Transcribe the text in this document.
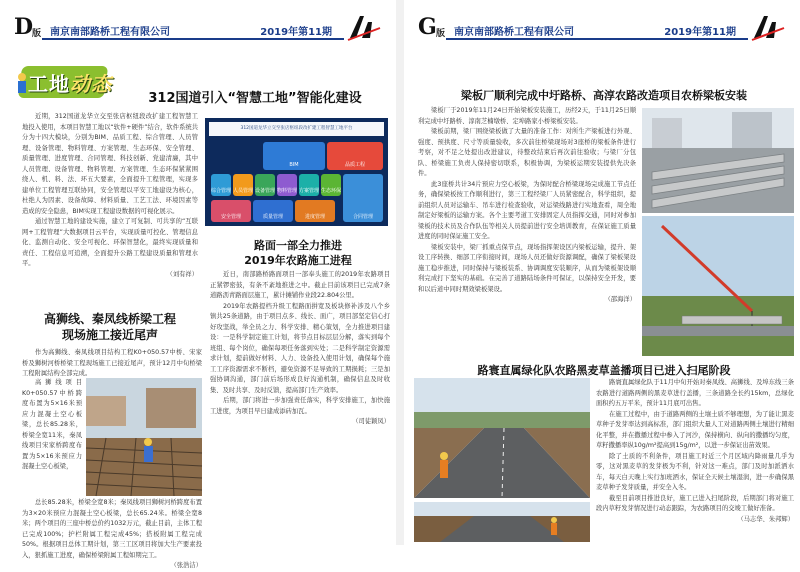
D
版 南京南部路桥工程有限公司	2019年第11期
工地动态
312国道引入“智慧工地”智能化建设

近期，312国道龙华立交至张店枢纽段改扩建工程智慧工地投入使用，本项目智慧工地以“软件+硬件”结合，软件系统共分为十四大模块，分别为BIM、品质工程、综合管理、人员管理、设备管理、物料管理、方案管理、生态环保、安全管理、质量管理、进度管理、合同管理、科技创新、党建清廉，其中人员管理、设备管理、物料管理、方案管理、生态环保紧紧围绕人、机、料、法、环五大要素，全面提升工程管理，实现多建单位工程管理互联协同，安全管理以平安工地建设为核心，杜绝人为因素、设备故障、材料质量、工艺工法、环境因素等造成的安全隐患，BIM实现工程建设数据的可视化展示。

通过智慧工地的建设实施，建立了可复制、可共享的“互联网+工程管理”大数据项目云平台，实现质量可控化、管理信息化、监测自动化、安全可视化、环保智慧化，最终实现质量和责任、工程信息可追溯，全面提升公路工程建设质量和管理水平。

（刘有祥）
312国道龙华立交至张店枢纽段改扩建工程智慧工地平台
BIM	品质工程
综合管理 人员管理 设备管理 物料管理 方案管理 生态环保
安全管理	质量管理	进度管理	合同管理
路面一部全力推进
2019年农路施工进程

近日，南部路桥路面项目一部奉头施工的2019年农路项目正紧锣密鼓，有条不紊地推进之中。截止目前该项目已完成7条道路沥青路面层施工，累计摊铺作业段22.804公里。

2019年农路提档升级工程路面拼宽及板块修补涉及八个乡镇共25条道路，由于项目点多、线长、面广，项目部坚定信心打好攻坚战，举全员之力、科学安排、精心策划，全力推进项目建设：一是科学制定施工计划，将节点目标层层分解，落实到每个班组、每个岗位，确保每项任务落到实处；二是科学制定资源需求计划，提前做好材料、人力、设备投入使用计划，确保每个施工工序资源需求不断档，避免资源不足导致的工期损耗；三是加强协调沟通，部门前后场形成良好沟通机制，确保信息及时收集、及时共享、及时反馈，提高部门生产效率。

后期，部门将进一步加强责任落实，科学安排施工，加快施工进度，为项目早日建成添砖加瓦。

（司徒颖凤）
高狮线、秦凤线桥梁工程
现场施工接近尾声

作为高狮线、秦凤线项目结构工程K0+050.57中桥、宋家桥及狮树河桥桥梁工程现场施工已接近尾声，预计12月中旬桥梁工程附属结构全部完成。

高狮线项目K0+050.57中桥跨度布置为5×16米预应力混凝土空心板梁，总长85.28米，桥梁全宽11米，秦凤线项目宋家桥跨度布置为5×16米预应力混凝土空心板梁，

总长85.28米，桥梁全宽8米；秦凤线项目狮树河桥跨度布置为3×20米预应力混凝土空心板梁，总长65.24米。桥梁全宽8米；两个项目的三座中桥总价约1032万元，截止目前，主体工程已完成100%；护栏附属工程完成45%；搭板附属工程完成50%。根据项目总体工期计划，第三工区项目将加大生产要素投入，狠抓施工进度，确保桥梁附属工程如期完工。

（张浩洁）
G 版 南京南部路桥工程有限公司	2019年第11期
梁板厂顺利完成中圩路桥、高淳农路改造项目农桥梁板安装

梁板厂于2019年11月24日开始梁板安装施工，历经2天，于11月25日顺利完成中圩路桥、淳南芝楠墩桥、定埠路家小桥梁板安装。

梁板前期，梁厂围绕梁板做了大量的准备工作：对所生产梁板进行外观、强度、预拱度、尺寸等质量验收，多次前往桥梁现场对3座桥的梁板条件进行考察，对不足之处提出改进建议，待整改结束后再次前往验收；与梁厂分包队、桥梁施工负责人保持密切联系，积极协调，为梁板运期安装提供先决条件。

此3座桥共计34片预应力空心板梁，为保时配合桥梁现场完成施工节点任务，确保梁板按工作顺利进行，第三工程经梁厂人员紧密配合，科学组织，提前组织人员对运输车、吊车进行检查验收，对运梁线路进行实地查看，周全地制定好梁板的运输方案。各个主要考道工安排固定人员指挥交通，同时对参加梁板的技术员及合作队伍等相关人员提前进行安全培训教育，在保证施工质量进度的同时保证施工安全。

梁板安装中，梁厂抓重点保节点，现场指挥架设区内梁板运输，提升、架设工序转换、细部工序衔接时间，现场人员还做好资源调配，确保了梁板架设施工稳步推进，同时保持与梁板装系、协调调度安装顺序，从而为梁板架设顺利完成打下坚实的基础。在完善了道路陆场条件可保证，以保持安全开发，要和以后道中同时期效梁板架设。

（邵海洋）
路寰直属绿化队农路黑麦草盖播项目已进入扫尾阶段

路寰直属绿化队于11月中旬开始对秦凤线、高狮线、及埠东线三条农路进行道路两侧的黑麦草进行盖播，三条道路全长约15km，总绿化面积约五万平米，预计11月底可出售。

在施工过程中，由于道路两侧的土壤土质不够理想，为了能让黑麦草种子发芽率达到高标准，部门组织大量人工对道路两侧土壤进行精细化平整，并在撒播过程中参入了河沙，保持横向、纵向的撒播均匀度，草籽撒播率纵10g/m²提高到15g/m²，以进一步保证出苗效果。

除了土质的不利条件，项目施工时近三个月区域内降雨量几乎为零，这对黑麦草的发芽极为不利，针对这一难点，部门及时加派洒水车，每天白天晚上实行加班洒水，保证全天候土壤湿润，进一步确保黑麦草种子发芽质量，并安全入冬。

截至目前项目推进良好，施工已进入扫尾阶段，后期部门将对施工段内草籽发芽情况进行动态跟踪，为农路项目的交竣工做好准备。

（马志华、朱邦辉）
